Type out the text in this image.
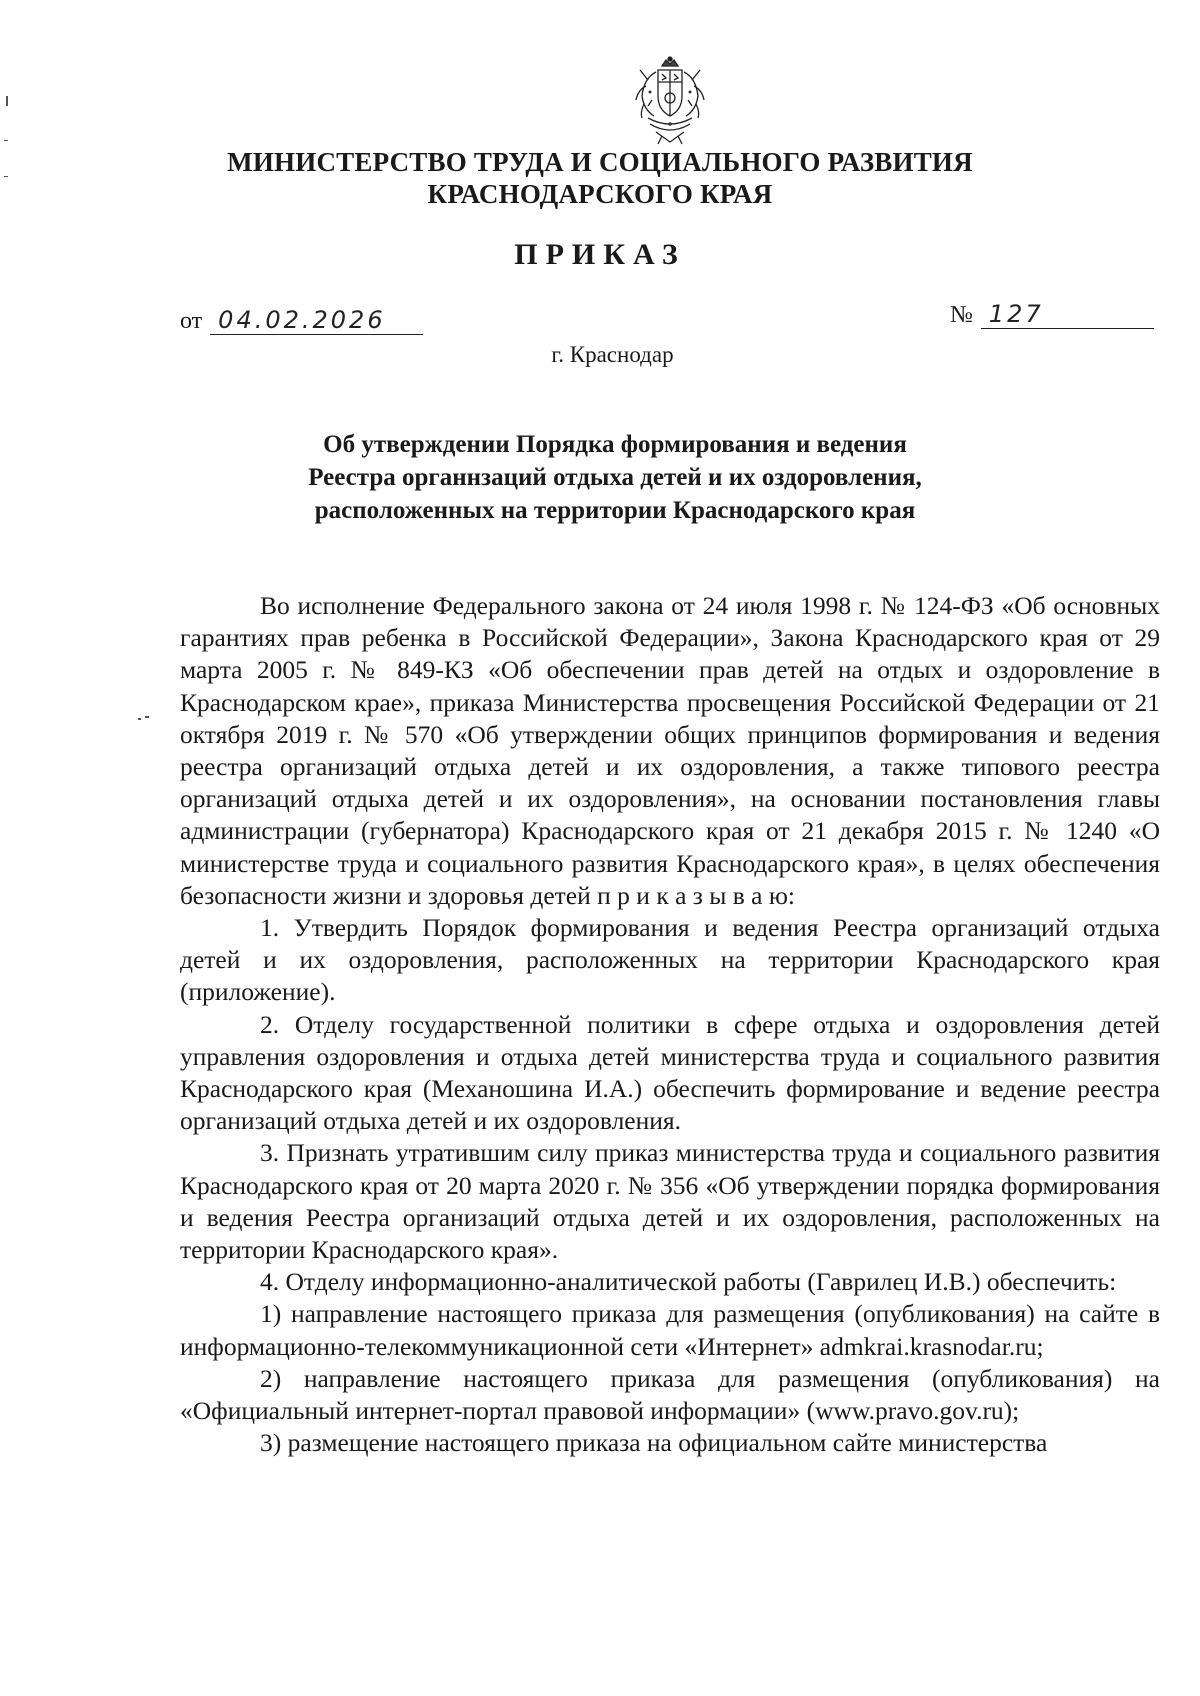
МИНИСТЕРСТВО ТРУДА И СОЦИАЛЬНОГО РАЗВИТИЯ
КРАСНОДАРСКОГО КРАЯ
ПРИКАЗ
от 04.02.2026	№ 127
г. Краснодар
Об утверждении Порядка формирования и ведения
Реестра органнзаций отдыха детей и их оздоровления,
расположенных на территории Краснодарского края

Во исполнение Федерального закона от 24 июля 1998 г. № 124-ФЗ «Об основных гарантиях прав ребенка в Российской Федерации», Закона Краснодарского края от 29 марта 2005 г. № 849-КЗ «Об обеспечении прав детей на отдых и оздоровление в Краснодарском крае», приказа Министерства просвещения Российской Федерации от 21 октября 2019 г. № 570 «Об утверждении общих принципов формирования и ведения реестра организаций отдыха детей и их оздоровления, а также типового реестра организаций отдыха детей и их оздоровления», на основании постановления главы администрации (губернатора) Краснодарского края от 21 декабря 2015 г. № 1240 «О министерстве труда и социального развития Краснодарского края», в целях обеспечения безопасности жизни и здоровья детей п р и к а з ы в а ю:

1. Утвердить Порядок формирования и ведения Реестра организаций отдыха детей и их оздоровления, расположенных на территории Краснодарского края (приложение).

2. Отделу государственной политики в сфере отдыха и оздоровления детей управления оздоровления и отдыха детей министерства труда и социального развития Краснодарского края (Механошина И.А.) обеспечить формирование и ведение реестра организаций отдыха детей и их оздоровления.

3. Признать утратившим силу приказ министерства труда и социального развития Краснодарского края от 20 марта 2020 г. № 356 «Об утверждении порядка формирования и ведения Реестра организаций отдыха детей и их оздоровления, расположенных на территории Краснодарского края».

4. Отделу информационно-аналитической работы (Гаврилец И.В.) обеспечить:

1) направление настоящего приказа для размещения (опубликования) на сайте в информационно-телекоммуникационной сети «Интернет» admkrai.krasnodar.ru;

2) направление настоящего приказа для размещения (опубликования) на «Официальный интернет-портал правовой информации» (www.pravo.gov.ru);

3) размещение настоящего приказа на официальном сайте министерства
